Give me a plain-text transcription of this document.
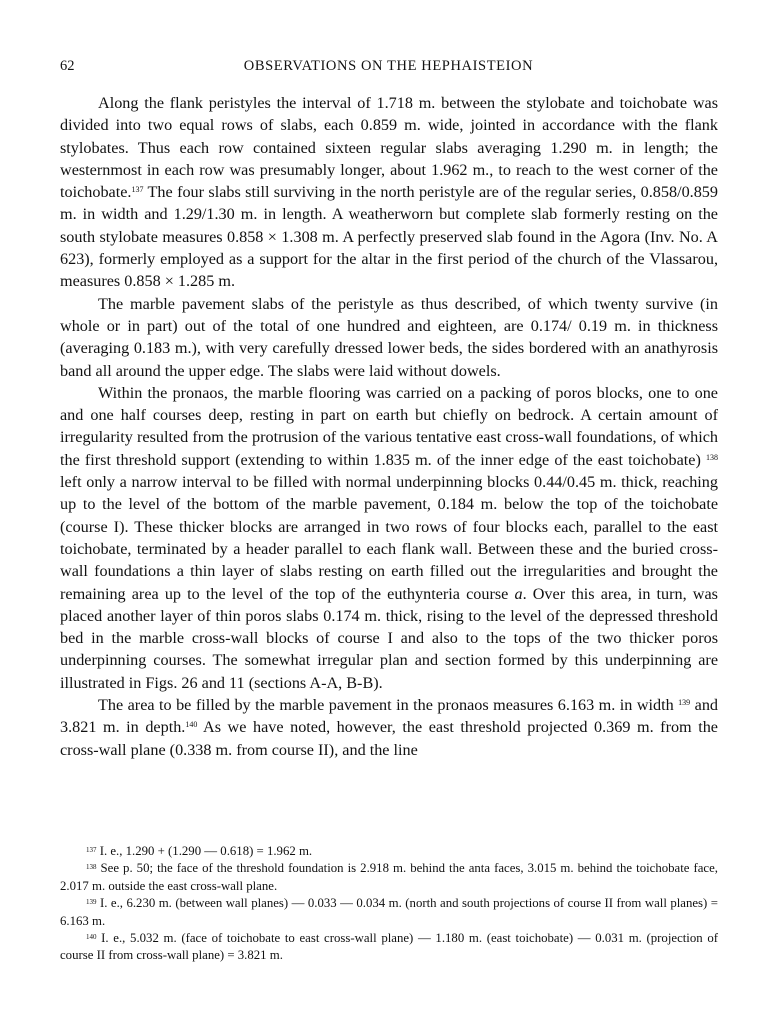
62	OBSERVATIONS ON THE HEPHAISTEION

Along the flank peristyles the interval of 1.718 m. between the stylobate and toichobate was divided into two equal rows of slabs, each 0.859 m. wide, jointed in accordance with the flank stylobates. Thus each row contained sixteen regular slabs averaging 1.290 m. in length; the westernmost in each row was presumably longer, about 1.962 m., to reach to the west corner of the toichobate.$^{137}$ The four slabs still surviving in the north peristyle are of the regular series, 0.858/0.859 m. in width and 1.29/1.30 m. in length. A weatherworn but complete slab formerly resting on the south stylobate measures 0.858 × 1.308 m. A perfectly preserved slab found in the Agora (Inv. No. A 623), formerly employed as a support for the altar in the first period of the church of the Vlassarou, measures 0.858 × 1.285 m.

The marble pavement slabs of the peristyle as thus described, of which twenty survive (in whole or in part) out of the total of one hundred and eighteen, are 0.174/ 0.19 m. in thickness (averaging 0.183 m.), with very carefully dressed lower beds, the sides bordered with an anathyrosis band all around the upper edge. The slabs were laid without dowels.

Within the pronaos, the marble flooring was carried on a packing of poros blocks, one to one and one half courses deep, resting in part on earth but chiefly on bedrock. A certain amount of irregularity resulted from the protrusion of the various tentative east cross-wall foundations, of which the first threshold support (extending to within 1.835 m. of the inner edge of the east toichobate) $^{138}$ left only a narrow interval to be filled with normal underpinning blocks 0.44/0.45 m. thick, reaching up to the level of the bottom of the marble pavement, 0.184 m. below the top of the toichobate (course I). These thicker blocks are arranged in two rows of four blocks each, parallel to the east toichobate, terminated by a header parallel to each flank wall. Between these and the buried cross-wall foundations a thin layer of slabs resting on earth filled out the irregularities and brought the remaining area up to the level of the top of the euthynteria course a. Over this area, in turn, was placed another layer of thin poros slabs 0.174 m. thick, rising to the level of the depressed threshold bed in the marble cross-wall blocks of course I and also to the tops of the two thicker poros underpinning courses. The somewhat irregular plan and section formed by this underpinning are illustrated in Figs. 26 and 11 (sections A-A, B-B).

The area to be filled by the marble pavement in the pronaos measures 6.163 m. in width $^{139}$ and 3.821 m. in depth.$^{140}$ As we have noted, however, the east threshold projected 0.369 m. from the cross-wall plane (0.338 m. from course II), and the line

$^{137}$ I. e., 1.290 + (1.290 — 0.618) = 1.962 m.

$^{138}$ See p. 50; the face of the threshold foundation is 2.918 m. behind the anta faces, 3.015 m. behind the toichobate face, 2.017 m. outside the east cross-wall plane.

$^{139}$ I. e., 6.230 m. (between wall planes) — 0.033 — 0.034 m. (north and south projections of course II from wall planes) = 6.163 m.

$^{140}$ I. e., 5.032 m. (face of toichobate to east cross-wall plane) — 1.180 m. (east toichobate) — 0.031 m. (projection of course II from cross-wall plane) = 3.821 m.
